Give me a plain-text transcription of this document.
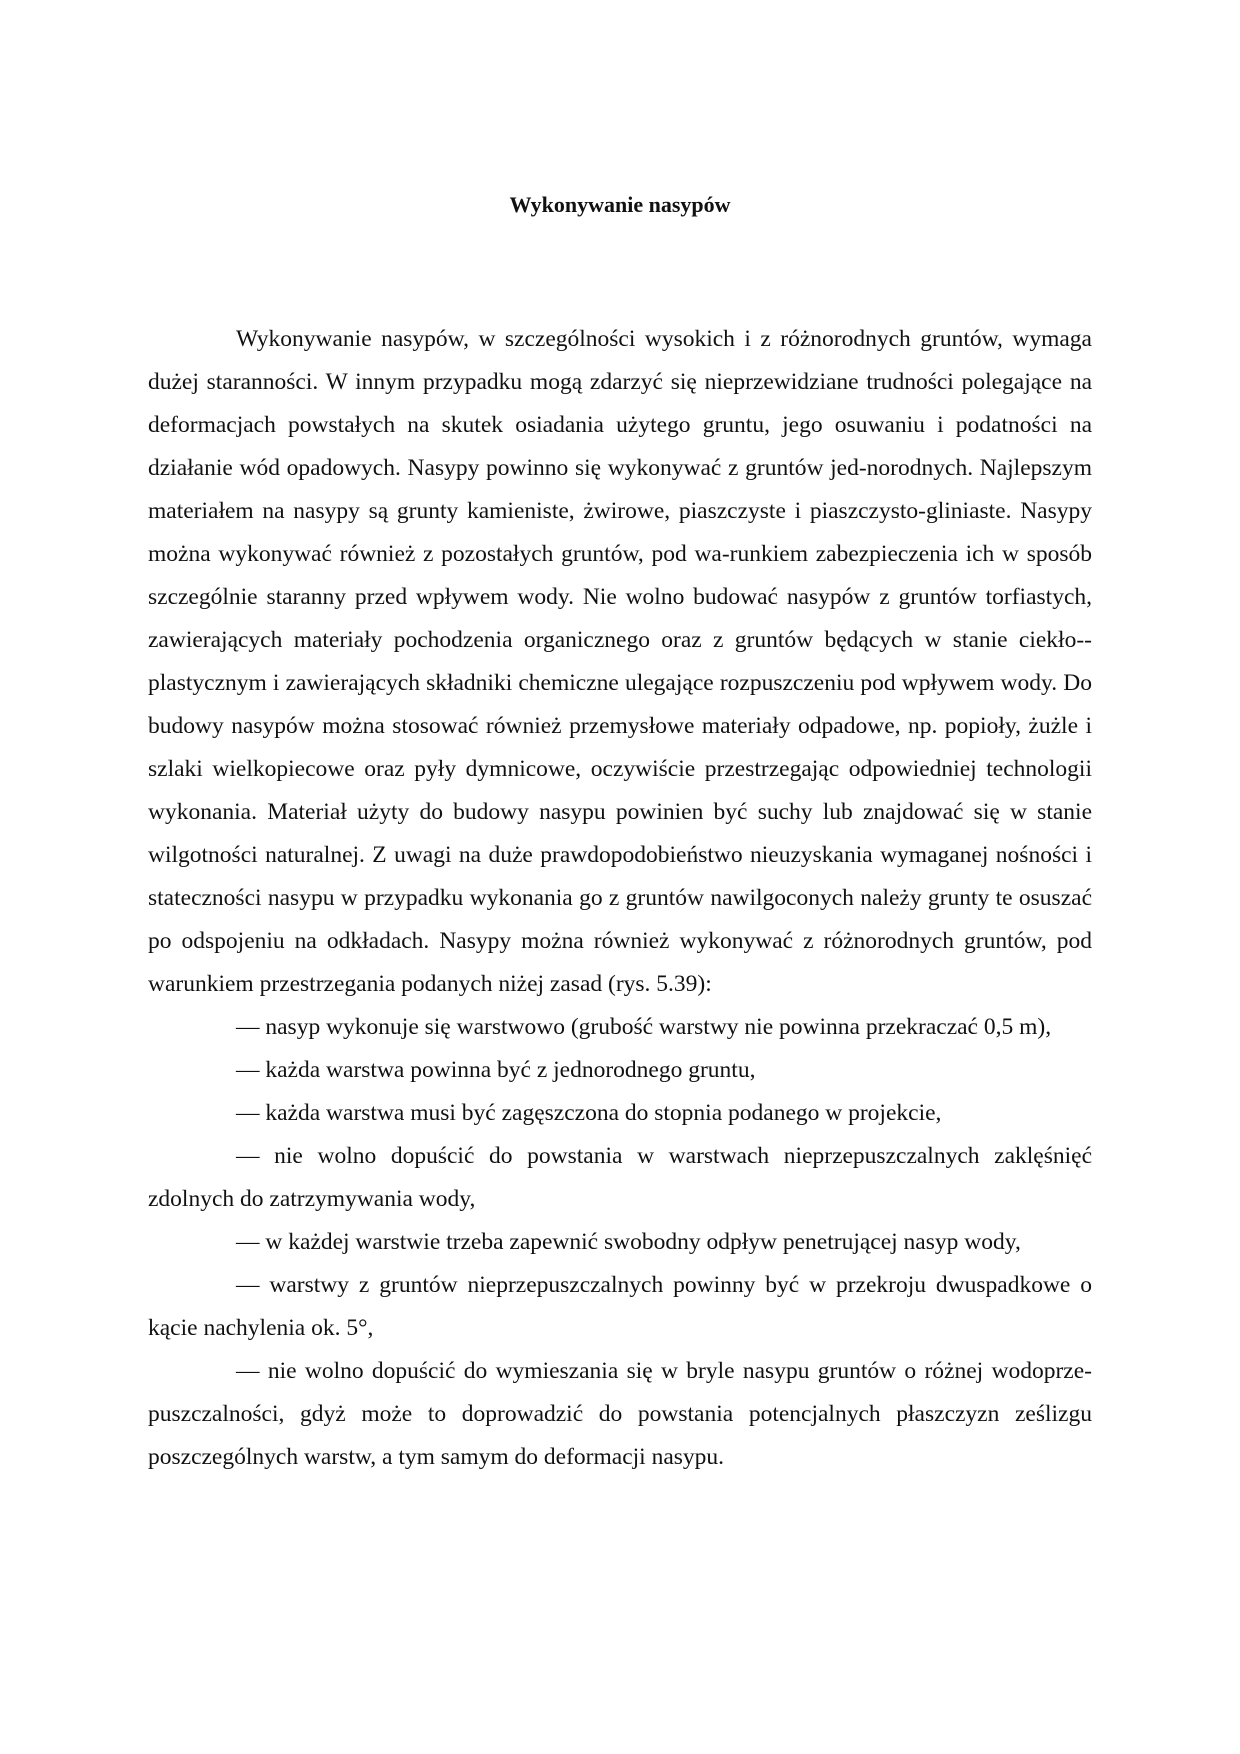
Wykonywanie nasypów

Wykonywanie nasypów, w szczególności wysokich i z różnorodnych gruntów, wymaga dużej staranności. W innym przypadku mogą zdarzyć się nieprzewidziane trudności polegające na deformacjach powstałych na skutek osiadania użytego gruntu, jego osuwaniu i podatności na działanie wód opadowych. Nasypy powinno się wykonywać z gruntów jed-norodnych. Najlepszym materiałem na nasypy są grunty kamieniste, żwirowe, piaszczyste i piaszczysto-gliniaste. Nasypy można wykonywać również z pozostałych gruntów, pod wa-runkiem zabezpieczenia ich w sposób szczególnie staranny przed wpływem wody. Nie wolno budować nasypów z gruntów torfiastych, zawierających materiały pochodzenia organicznego oraz z gruntów będących w stanie ciekło--plastycznym i zawierających składniki chemiczne ulegające rozpuszczeniu pod wpływem wody. Do budowy nasypów można stosować również przemysłowe materiały odpadowe, np. popioły, żużle i szlaki wielkopiecowe oraz pyły dymnicowe, oczywiście przestrzegając odpowiedniej technologii wykonania. Materiał użyty do budowy nasypu powinien być suchy lub znajdować się w stanie wilgotności naturalnej. Z uwagi na duże prawdopodobieństwo nieuzyskania wymaganej nośności i stateczności nasypu w przypadku wykonania go z gruntów nawilgoconych należy grunty te osuszać po odspojeniu na odkładach. Nasypy można również wykonywać z różnorodnych gruntów, pod warunkiem przestrzegania podanych niżej zasad (rys. 5.39):

— nasyp wykonuje się warstwowo (grubość warstwy nie powinna przekraczać 0,5 m),

— każda warstwa powinna być z jednorodnego gruntu,

— każda warstwa musi być zagęszczona do stopnia podanego w projekcie,

— nie wolno dopuścić do powstania w warstwach nieprzepuszczalnych zaklęśnięć zdolnych do zatrzymywania wody,

— w każdej warstwie trzeba zapewnić swobodny odpływ penetrującej nasyp wody,

— warstwy z gruntów nieprzepuszczalnych powinny być w przekroju dwuspadkowe o kącie nachylenia ok. 5°,

— nie wolno dopuścić do wymieszania się w bryle nasypu gruntów o różnej wodoprze-puszczalności, gdyż może to doprowadzić do powstania potencjalnych płaszczyzn ześlizgu poszczególnych warstw, a tym samym do deformacji nasypu.
